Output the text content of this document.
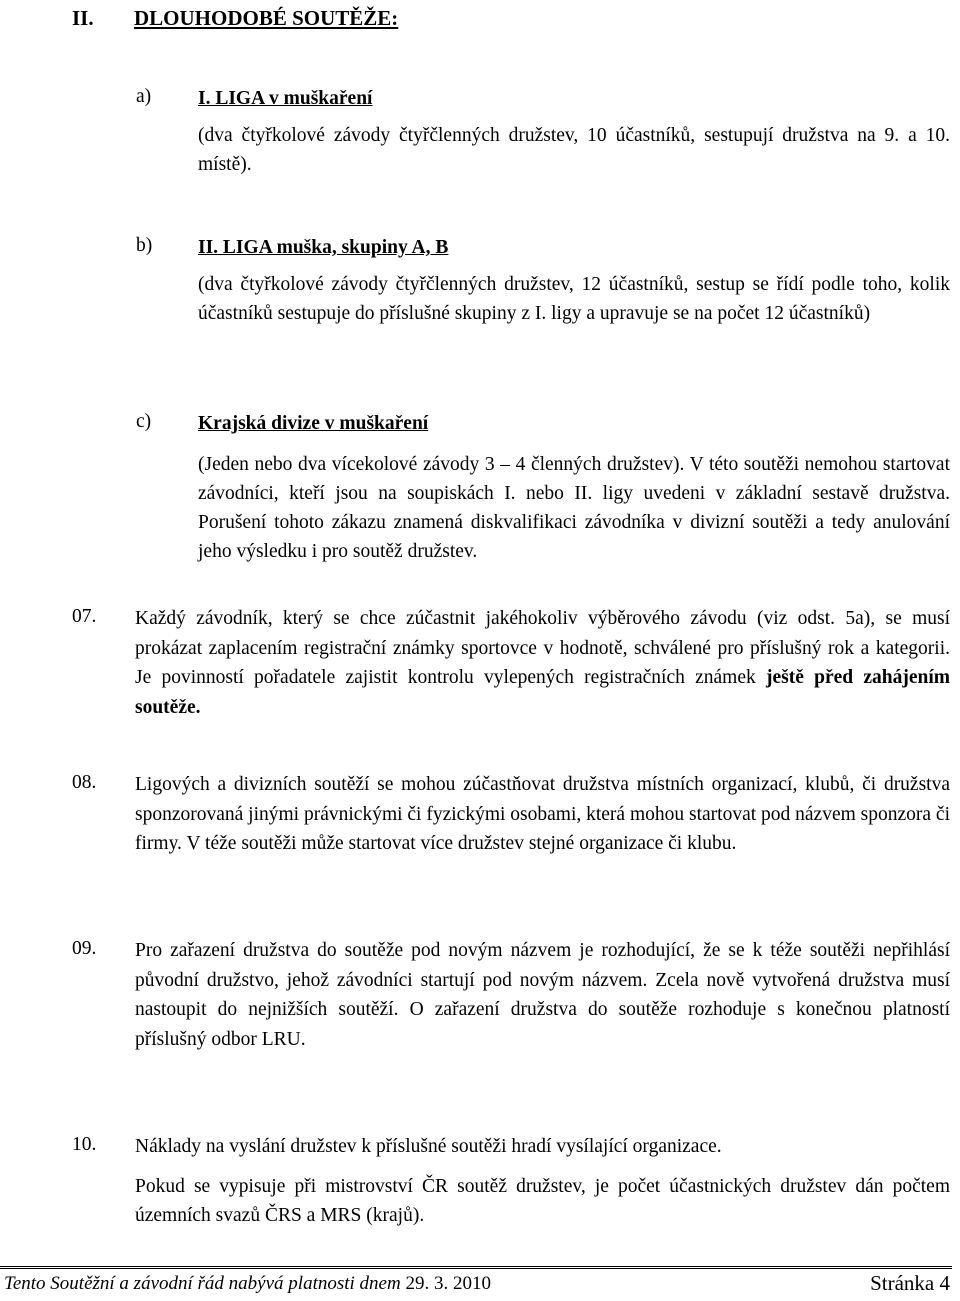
II. DLOUHODOBÉ SOUTĚŽE:
a) I. LIGA v muškaření
(dva čtyřkolové závody čtyřčlenných družstev, 10 účastníků, sestupují družstva na 9. a 10. místě).
b) II. LIGA muška, skupiny A, B
(dva čtyřkolové závody čtyřčlenných družstev, 12 účastníků, sestup se řídí podle toho, kolik účastníků sestupuje do příslušné skupiny z I. ligy a upravuje se na počet 12 účastníků)
c) Krajská divize v muškaření
(Jeden nebo dva vícekolové závody 3 – 4 členných družstev). V této soutěži nemohou startovat závodníci, kteří jsou na soupiskách I. nebo II. ligy uvedeni v základní sestavě družstva. Porušení tohoto zákazu znamená diskvalifikaci závodníka v divizní soutěži a tedy anulování jeho výsledku i pro soutěž družstev.
07. Každý závodník, který se chce zúčastnit jakéhokoliv výběrového závodu (viz odst. 5a), se musí prokázat zaplacením registrační známky sportovce v hodnotě, schválené pro příslušný rok a kategorii. Je povinností pořadatele zajistit kontrolu vylepených registračních známek ještě před zahájením soutěže.
08. Ligových a divizních soutěží se mohou zúčastňovat družstva místních organizací, klubů, či družstva sponzorovaná jinými právnickými či fyzickými osobami, která mohou startovat pod názvem sponzora či firmy. V téže soutěži může startovat více družstev stejné organizace či klubu.
09. Pro zařazení družstva do soutěže pod novým názvem je rozhodující, že se k téže soutěži nepřihlásí původní družstvo, jehož závodníci startují pod novým názvem. Zcela nově vytvořená družstva musí nastoupit do nejnižších soutěží. O zařazení družstva do soutěže rozhoduje s konečnou platností příslušný odbor LRU.
10. Náklady na vyslání družstev k příslušné soutěži hradí vysílající organizace.
Pokud se vypisuje při mistrovství ČR soutěž družstev, je počet účastnických družstev dán počtem územních svazů ČRS a MRS (krajů).
Tento Soutěžní a závodní řád nabývá platnosti dnem 29. 3. 2010	Stránka 4
